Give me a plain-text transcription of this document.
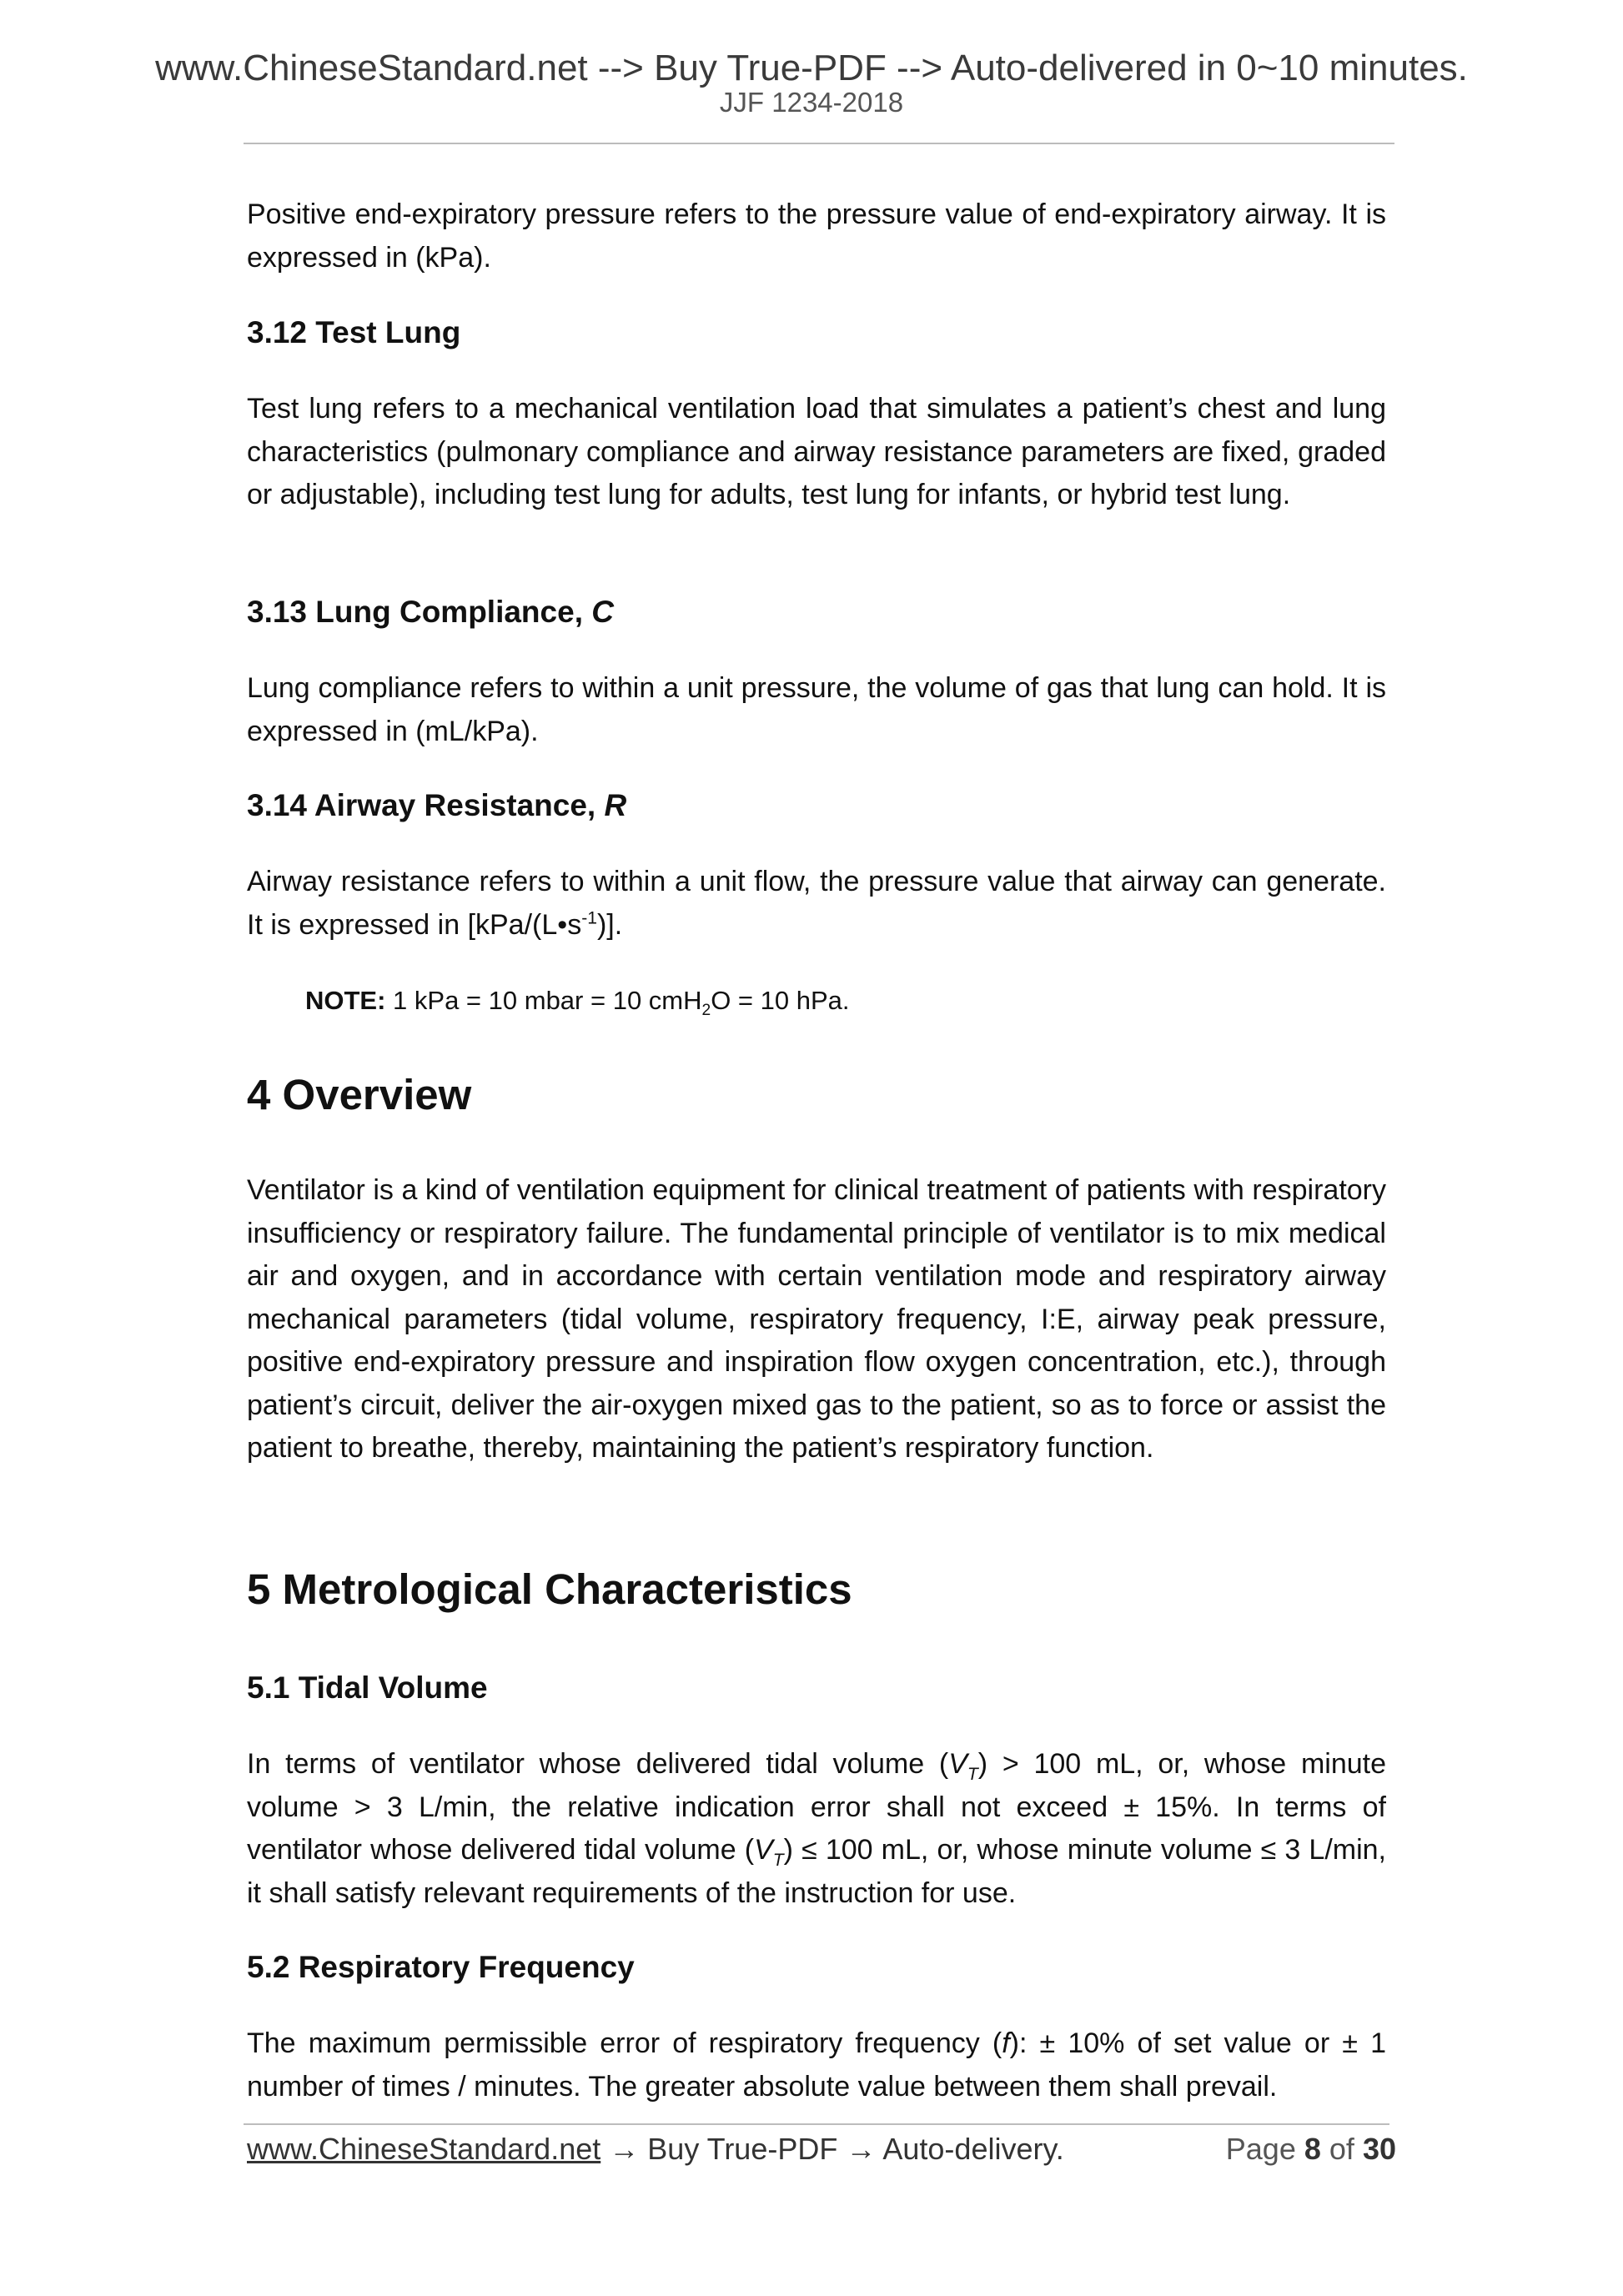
www.ChineseStandard.net --> Buy True-PDF --> Auto-delivered in 0~10 minutes.
JJF 1234-2018

Positive end-expiratory pressure refers to the pressure value of end-expiratory airway. It is expressed in (kPa).

3.12 Test Lung

Test lung refers to a mechanical ventilation load that simulates a patient’s chest and lung characteristics (pulmonary compliance and airway resistance parameters are fixed, graded or adjustable), including test lung for adults, test lung for infants, or hybrid test lung.

3.13 Lung Compliance, C

Lung compliance refers to within a unit pressure, the volume of gas that lung can hold. It is expressed in (mL/kPa).

3.14 Airway Resistance, R

Airway resistance refers to within a unit flow, the pressure value that airway can generate. It is expressed in $[kPa/(L•s^{-1})]$.

NOTE: 1 kPa = 10 mbar = 10 cmH$_2$O = 10 hPa.

4 Overview

Ventilator is a kind of ventilation equipment for clinical treatment of patients with respiratory insufficiency or respiratory failure. The fundamental principle of ventilator is to mix medical air and oxygen, and in accordance with certain ventilation mode and respiratory airway mechanical parameters (tidal volume, respiratory frequency, I:E, airway peak pressure, positive end-expiratory pressure and inspiration flow oxygen concentration, etc.), through patient’s circuit, deliver the air-oxygen mixed gas to the patient, so as to force or assist the patient to breathe, thereby, maintaining the patient’s respiratory function.

5 Metrological Characteristics
5.1 Tidal Volume

In terms of ventilator whose delivered tidal volume $(V_T) > 100$ mL, or, whose minute volume > 3 L/min, the relative indication error shall not exceed ± 15%. In terms of ventilator whose delivered tidal volume $(V_T) \le 100$ mL, or, whose minute volume ≤ 3 L/min, it shall satisfy relevant requirements of the instruction for use.

5.2 Respiratory Frequency

The maximum permissible error of respiratory frequency (f): ± 10% of set value or ± 1 number of times / minutes. The greater absolute value between them shall prevail.

www.ChineseStandard.net → Buy True-PDF → Auto-delivery.	Page 8 of 30
